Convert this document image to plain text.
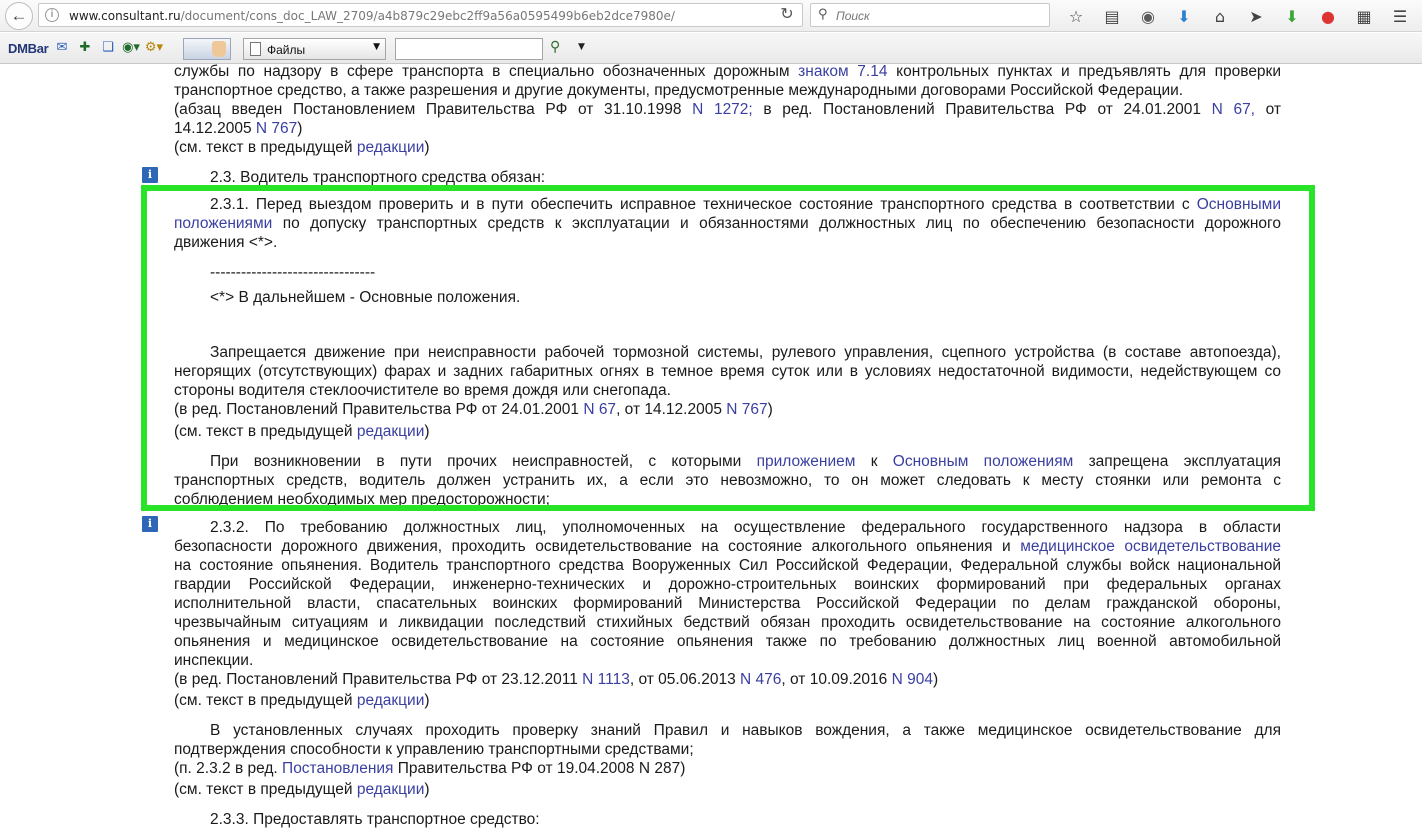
←	i	www.consultant.ru/document/cons_doc_LAW_2709/a4b879c29ebc2ff9a56a0595499b6eb2dce7980e/	↻	⚲ Поиск	☆	▤	◉	⬇	⌂	➤	⬇	●	▦	☰
DMBar ✉ ✚ ❏ ◉▾ ⚙▾	Файлы	▼	⚲ ▼
службы по надзору в сфере транспорта в специально обозначенных дорожным знаком 7.14 контрольных пунктах и предъявлять для проверки
транспортное средство, а также разрешения и другие документы, предусмотренные международными договорами Российской Федерации.
(абзац введен Постановлением Правительства РФ от 31.10.1998 N 1272; в ред. Постановлений Правительства РФ от 24.01.2001 N 67, от
14.12.2005 N 767)
(см. текст в предыдущей редакции)
i	2.3. Водитель транспортного средства обязан:
2.3.1. Перед выездом проверить и в пути обеспечить исправное техническое состояние транспортного средства в соответствии с Основными
положениями по допуску транспортных средств к эксплуатации и обязанностями должностных лиц по обеспечению безопасности дорожного
движения <*>.
--------------------------------
<*> В дальнейшем - Основные положения.
Запрещается движение при неисправности рабочей тормозной системы, рулевого управления, сцепного устройства (в составе автопоезда),
негорящих (отсутствующих) фарах и задних габаритных огнях в темное время суток или в условиях недостаточной видимости, недействующем со
стороны водителя стеклоочистителе во время дождя или снегопада.
(в ред. Постановлений Правительства РФ от 24.01.2001 N 67, от 14.12.2005 N 767)
(см. текст в предыдущей редакции)
При возникновении в пути прочих неисправностей, с которыми приложением к Основным положениям запрещена эксплуатация
транспортных средств, водитель должен устранить их, а если это невозможно, то он может следовать к месту стоянки или ремонта с
соблюдением необходимых мер предосторожности;
i	2.3.2. По требованию должностных лиц, уполномоченных на осуществление федерального государственного надзора в области
безопасности дорожного движения, проходить освидетельствование на состояние алкогольного опьянения и медицинское освидетельствование
на состояние опьянения. Водитель транспортного средства Вооруженных Сил Российской Федерации, Федеральной службы войск национальной
гвардии Российской Федерации, инженерно-технических и дорожно-строительных воинских формирований при федеральных органах
исполнительной власти, спасательных воинских формирований Министерства Российской Федерации по делам гражданской обороны,
чрезвычайным ситуациям и ликвидации последствий стихийных бедствий обязан проходить освидетельствование на состояние алкогольного
опьянения и медицинское освидетельствование на состояние опьянения также по требованию должностных лиц военной автомобильной
инспекции.
(в ред. Постановлений Правительства РФ от 23.12.2011 N 1113, от 05.06.2013 N 476, от 10.09.2016 N 904)
(см. текст в предыдущей редакции)
В установленных случаях проходить проверку знаний Правил и навыков вождения, а также медицинское освидетельствование для
подтверждения способности к управлению транспортными средствами;
(п. 2.3.2 в ред. Постановления Правительства РФ от 19.04.2008 N 287)
(см. текст в предыдущей редакции)
2.3.3. Предоставлять транспортное средство:
